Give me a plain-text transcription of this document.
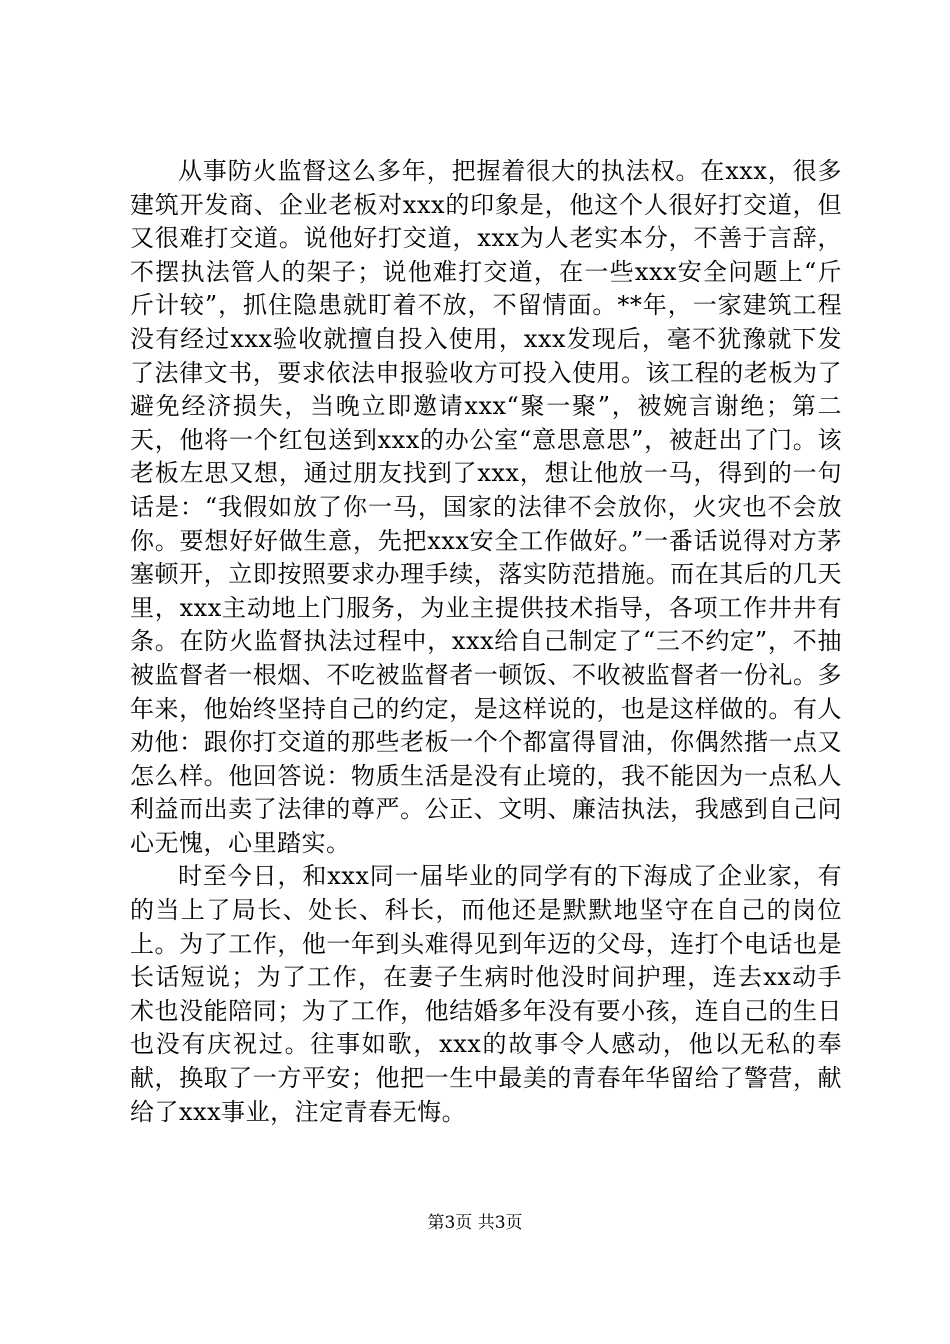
从事防火监督这么多年，把握着很大的执法权。在xxx，很多建筑开发商、企业老板对xxx的印象是，他这个人很好打交道，但又很难打交道。说他好打交道，xxx为人老实本分，不善于言辞，不摆执法管人的架子；说他难打交道，在一些xxx安全问题上“斤斤计较”，抓住隐患就盯着不放，不留情面。**年，一家建筑工程没有经过xxx验收就擅自投入使用，xxx发现后，毫不犹豫就下发了法律文书，要求依法申报验收方可投入使用。该工程的老板为了避免经济损失，当晚立即邀请xxx“聚一聚”，被婉言谢绝；第二天，他将一个红包送到xxx的办公室“意思意思”，被赶出了门。该老板左思又想，通过朋友找到了xxx，想让他放一马，得到的一句话是：“我假如放了你一马，国家的法律不会放你，火灾也不会放你。要想好好做生意，先把xxx安全工作做好。”一番话说得对方茅塞顿开，立即按照要求办理手续，落实防范措施。而在其后的几天里，xxx主动地上门服务，为业主提供技术指导，各项工作井井有条。在防火监督执法过程中，xxx给自己制定了“三不约定”，不抽被监督者一根烟、不吃被监督者一顿饭、不收被监督者一份礼。多年来，他始终坚持自己的约定，是这样说的，也是这样做的。有人劝他：跟你打交道的那些老板一个个都富得冒油，你偶然揩一点又怎么样。他回答说：物质生活是没有止境的，我不能因为一点私人利益而出卖了法律的尊严。公正、文明、廉洁执法，我感到自己问心无愧，心里踏实。

时至今日，和xxx同一届毕业的同学有的下海成了企业家，有的当上了局长、处长、科长，而他还是默默地坚守在自己的岗位上。为了工作，他一年到头难得见到年迈的父母，连打个电话也是长话短说；为了工作，在妻子生病时他没时间护理，连去xx动手术也没能陪同；为了工作，他结婚多年没有要小孩，连自己的生日也没有庆祝过。往事如歌，xxx的故事令人感动，他以无私的奉献，换取了一方平安；他把一生中最美的青春年华留给了警营，献给了xxx事业，注定青春无悔。

第3页 共3页
